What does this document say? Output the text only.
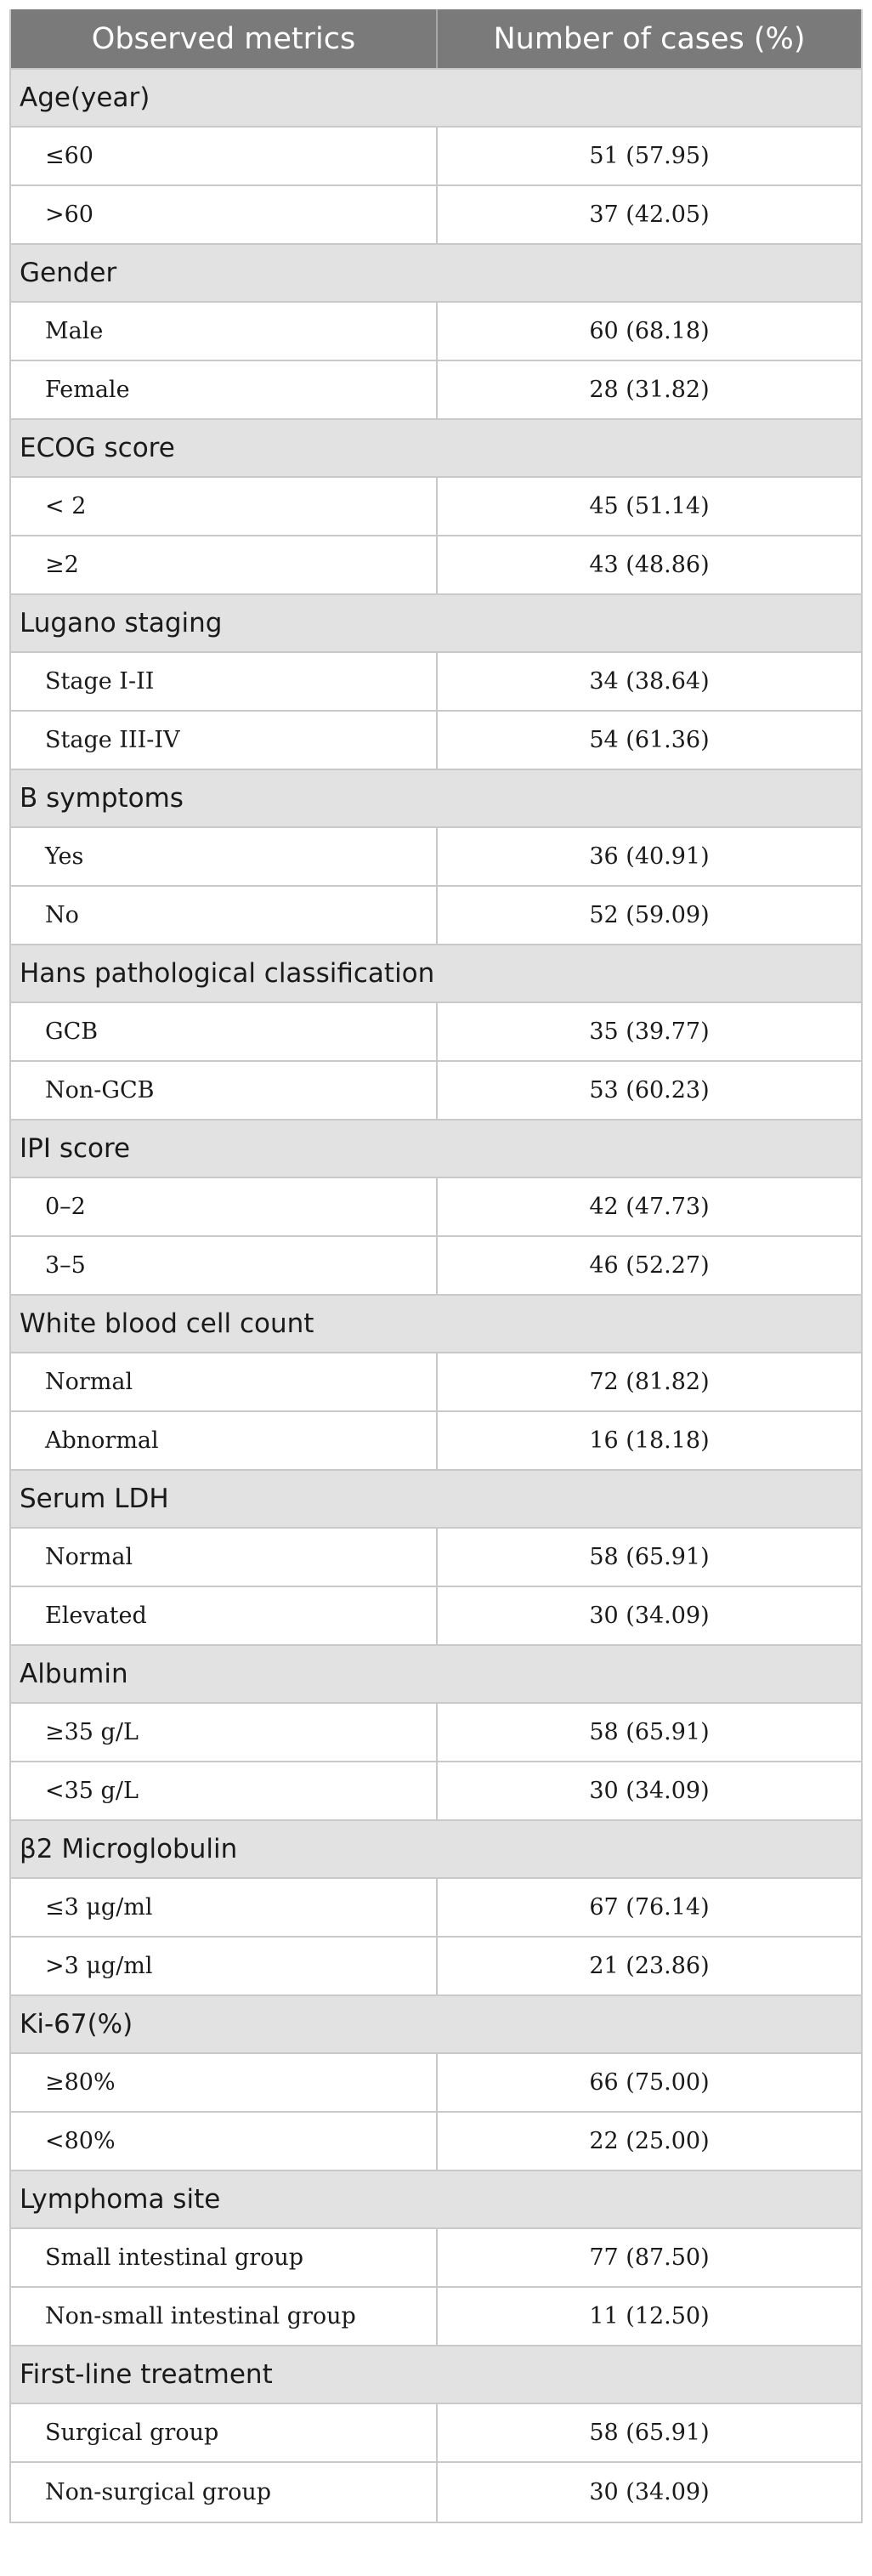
Observed metrics	Number of cases (%)
Age(year)
≤60	51 (57.95)
>60	37 (42.05)
Gender
Male	60 (68.18)
Female	28 (31.82)
ECOG score
< 2	45 (51.14)
≥2	43 (48.86)
Lugano staging
Stage I-II	34 (38.64)
Stage III-IV	54 (61.36)
B symptoms
Yes	36 (40.91)
No	52 (59.09)
Hans pathological classification
GCB	35 (39.77)
Non-GCB	53 (60.23)
IPI score
0–2	42 (47.73)
3–5	46 (52.27)
White blood cell count
Normal	72 (81.82)
Abnormal	16 (18.18)
Serum LDH
Normal	58 (65.91)
Elevated	30 (34.09)
Albumin
≥35 g/L	58 (65.91)
<35 g/L	30 (34.09)
β2 Microglobulin
≤3 μg/ml	67 (76.14)
>3 μg/ml	21 (23.86)
Ki-67(%)
≥80%	66 (75.00)
<80%	22 (25.00)
Lymphoma site
Small intestinal group	77 (87.50)
Non-small intestinal group	11 (12.50)
First-line treatment
Surgical group	58 (65.91)
Non-surgical group	30 (34.09)
